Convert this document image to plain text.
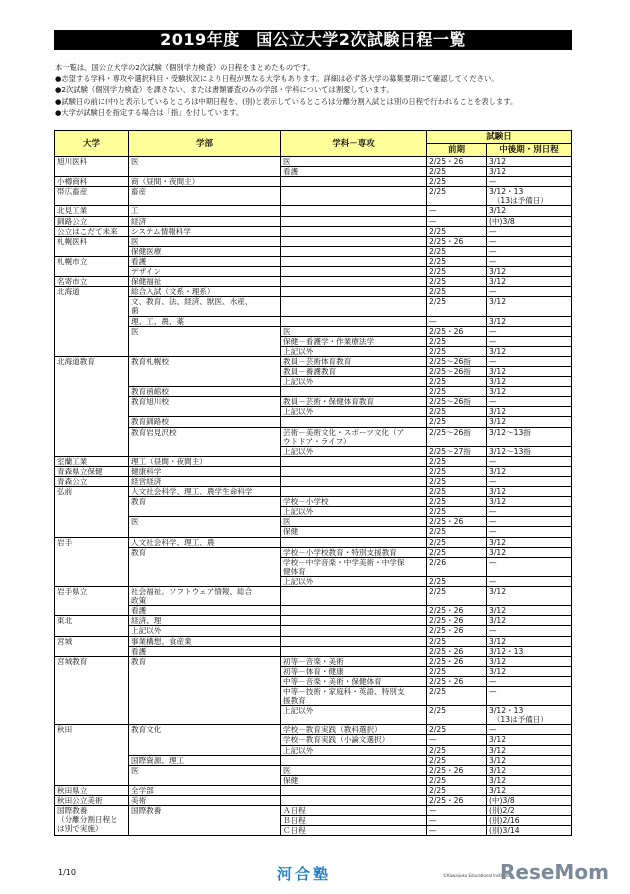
2019年度　国公立大学2次試験日程一覧
本一覧は、国公立大学の2次試験（個別学力検査）の日程をまとめたものです。
●志望する学科・専攻や選択科目・受験状況により日程が異なる大学もあります。詳細は必ず各大学の募集要項にて確認してください。
●2次試験（個別学力検査）を課さない、または書類審査のみの学部・学科については割愛しています。
●試験日の前に(中)と表示しているところは中期日程を、(別)と表示しているところは分離分割入試とは別の日程で行われることを表します。
●大学が試験日を指定する場合は「指」を付しています。
大学	学部	学科－専攻	試験日	
			前期	中後期・別日程
旭川医科	医	医	2/25・26	3/12
		看護	2/25	3/12
小樽商科	商（昼間・夜間主）		2/25	—
帯広畜産	畜産		2/25	3/12・13
　（13は予備日）
北見工業	工		—	3/12
釧路公立	経済		—	(中)3/8
公立はこだて未来	システム情報科学		2/25	—
札幌医科	医		2/25・26	—
	保健医療		2/25	—
札幌市立	看護		2/25	—
	デザイン		2/25	3/12
名寄市立	保健福祉		2/25	3/12
北海道	総合入試（文系・理系）		2/25	—
	文、教育、法、経済、獣医、水産、
歯		2/25	3/12
	理、工、農、薬		—	3/12
	医	医	2/25・26	—
		保健－看護学・作業療法学	2/25	—
		上記以外	2/25	3/12
北海道教育	教育札幌校	教員－芸術体育教育	2/25～26指	—
		教員－養護教育	2/25～26指	3/12
		上記以外	2/25	3/12
	教育函館校		2/25	3/12
	教育旭川校	教員－芸術・保健体育教育	2/25～26指	—
		上記以外	2/25	3/12
	教育釧路校		2/25	3/12
	教育岩見沢校	芸術－美術文化・スポーツ文化（ア
ウトドア・ライフ）	2/25～26指	3/12～13指
		上記以外	2/25～27指	3/12～13指
室蘭工業	理工（昼間・夜間主）		2/25	—
青森県立保健	健康科学		2/25	3/12
青森公立	経営経済		2/25	—
弘前	人文社会科学、理工、農学生命科学		2/25	3/12
	教育	学校－小学校	2/25	3/12
		上記以外	2/25	—
	医	医	2/25・26	—
		保健	2/25	—
岩手	人文社会科学、理工、農		2/25	3/12
	教育	学校－小学校教育・特別支援教育	2/25	3/12
		学校－中学音楽・中学美術・中学保
健体育	2/26	—
		上記以外	2/25	—
岩手県立	社会福祉、ソフトウェア情報、総合
政策		2/25	3/12
	看護		2/25・26	3/12
東北	経済、理		2/25・26	3/12
	上記以外		2/25・26	—
宮城	事業構想、食産業		2/25	3/12
	看護		2/25・26	3/12・13
宮城教育	教育	初等－音楽・美術	2/25・26	3/12
		初等－体育・健康	2/25	3/12
		中等－音楽・美術・保健体育	2/25・26	—
		中等－技術・家庭科・英語、特別支
援教育	2/25	—
		上記以外	2/25	3/12・13
　（13は予備日）
秋田	教育文化	学校－教育実践（教科選択）	2/25	—
		学校－教育実践（小論文選択）	—	3/12
		上記以外	2/25	3/12
	国際資源、理工		2/25	3/12
	医	医	2/25・26	3/12
		保健	2/25	3/12
秋田県立	全学部		2/25	3/12
秋田公立美術	美術		2/25・26	(中)3/8
国際教養
（分離分割日程と
は別で実施）	国際教養	Ａ日程	—	(別)2/2
		Ｂ日程	—	(別)2/16
		Ｃ日程	—	(別)3/14
1/10	河合塾	©Kawaijuku Educational Institution
ReseMom
